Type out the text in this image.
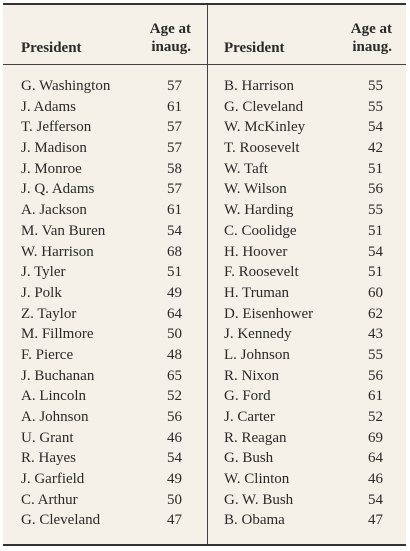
Age at
inaug.
President
G. Washington	57
J. Adams	61
T. Jefferson	57
J. Madison	57
J. Monroe	58
J. Q. Adams	57
A. Jackson	61
M. Van Buren	54
W. Harrison	68
J. Tyler	51
J. Polk	49
Z. Taylor	64
M. Fillmore	50
F. Pierce	48
J. Buchanan	65
A. Lincoln	52
A. Johnson	56
U. Grant	46
R. Hayes	54
J. Garfield	49
C. Arthur	50
G. Cleveland	47
Age at
inaug.
President
B. Harrison	55
G. Cleveland	55
W. McKinley	54
T. Roosevelt	42
W. Taft	51
W. Wilson	56
W. Harding	55
C. Coolidge	51
H. Hoover	54
F. Roosevelt	51
H. Truman	60
D. Eisenhower	62
J. Kennedy	43
L. Johnson	55
R. Nixon	56
G. Ford	61
J. Carter	52
R. Reagan	69
G. Bush	64
W. Clinton	46
G. W. Bush	54
B. Obama	47
